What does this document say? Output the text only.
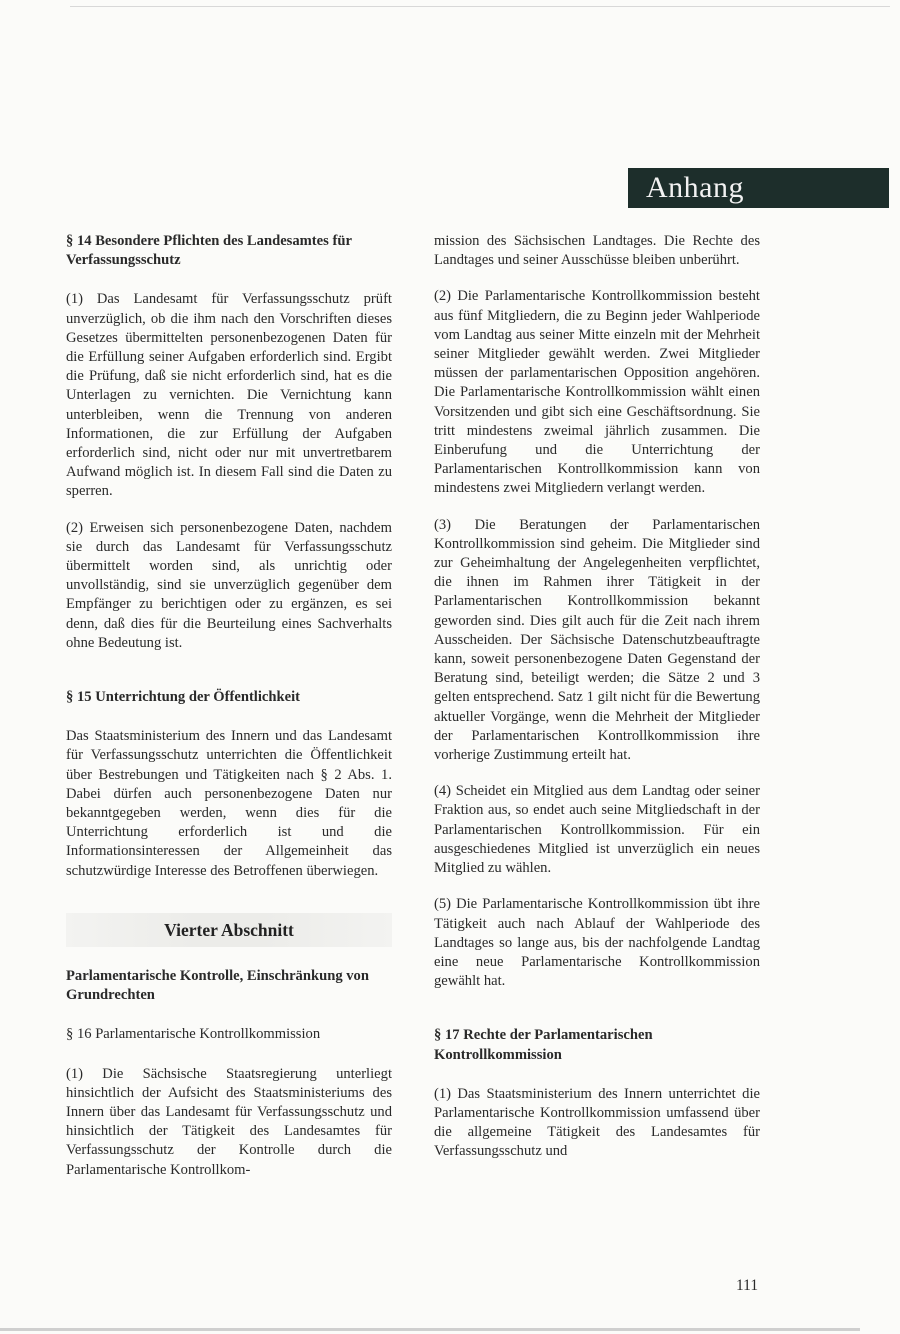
Anhang

§ 14 Besondere Pflichten des Landesamtes für Verfassungsschutz

(1) Das Landesamt für Verfassungsschutz prüft unverzüglich, ob die ihm nach den Vorschriften dieses Gesetzes übermittelten personenbezogenen Daten für die Erfüllung seiner Aufgaben erforderlich sind. Ergibt die Prüfung, daß sie nicht erforderlich sind, hat es die Unterlagen zu vernichten. Die Vernichtung kann unterbleiben, wenn die Trennung von anderen Informationen, die zur Erfüllung der Aufgaben erforderlich sind, nicht oder nur mit unvertretbarem Aufwand möglich ist. In diesem Fall sind die Daten zu sperren.

(2) Erweisen sich personenbezogene Daten, nachdem sie durch das Landesamt für Verfassungsschutz übermittelt worden sind, als unrichtig oder unvollständig, sind sie unverzüglich gegenüber dem Empfänger zu berichtigen oder zu ergänzen, es sei denn, daß dies für die Beurteilung eines Sachverhalts ohne Bedeutung ist.

§ 15 Unterrichtung der Öffentlichkeit

Das Staatsministerium des Innern und das Landesamt für Verfassungsschutz unterrichten die Öffentlichkeit über Bestrebungen und Tätigkeiten nach § 2 Abs. 1. Dabei dürfen auch personenbezogene Daten nur bekanntgegeben werden, wenn dies für die Unterrichtung erforderlich ist und die Informationsinteressen der Allgemeinheit das schutzwürdige Interesse des Betroffenen überwiegen.

Vierter Abschnitt

Parlamentarische Kontrolle, Einschränkung von Grundrechten

§ 16 Parlamentarische Kontrollkommission

(1) Die Sächsische Staatsregierung unterliegt hinsichtlich der Aufsicht des Staatsministeriums des Innern über das Landesamt für Verfassungsschutz und hinsichtlich der Tätigkeit des Landesamtes für Verfassungsschutz der Kontrolle durch die Parlamentarische Kontrollkom-

mission des Sächsischen Landtages. Die Rechte des Landtages und seiner Ausschüsse bleiben unberührt.

(2) Die Parlamentarische Kontrollkommission besteht aus fünf Mitgliedern, die zu Beginn jeder Wahlperiode vom Landtag aus seiner Mitte einzeln mit der Mehrheit seiner Mitglieder gewählt werden. Zwei Mitglieder müssen der parlamentarischen Opposition angehören. Die Parlamentarische Kontrollkommission wählt einen Vorsitzenden und gibt sich eine Geschäftsordnung. Sie tritt mindestens zweimal jährlich zusammen. Die Einberufung und die Unterrichtung der Parlamentarischen Kontrollkommission kann von mindestens zwei Mitgliedern verlangt werden.

(3) Die Beratungen der Parlamentarischen Kontrollkommission sind geheim. Die Mitglieder sind zur Geheimhaltung der Angelegenheiten verpflichtet, die ihnen im Rahmen ihrer Tätigkeit in der Parlamentarischen Kontrollkommission bekannt geworden sind. Dies gilt auch für die Zeit nach ihrem Ausscheiden. Der Sächsische Datenschutzbeauftragte kann, soweit personenbezogene Daten Gegenstand der Beratung sind, beteiligt werden; die Sätze 2 und 3 gelten entsprechend. Satz 1 gilt nicht für die Bewertung aktueller Vorgänge, wenn die Mehrheit der Mitglieder der Parlamentarischen Kontrollkommission ihre vorherige Zustimmung erteilt hat.

(4) Scheidet ein Mitglied aus dem Landtag oder seiner Fraktion aus, so endet auch seine Mitgliedschaft in der Parlamentarischen Kontrollkommission. Für ein ausgeschiedenes Mitglied ist unverzüglich ein neues Mitglied zu wählen.

(5) Die Parlamentarische Kontrollkommission übt ihre Tätigkeit auch nach Ablauf der Wahlperiode des Landtages so lange aus, bis der nachfolgende Landtag eine neue Parlamentarische Kontrollkommission gewählt hat.

§ 17 Rechte der Parlamentarischen Kontrollkommission

(1) Das Staatsministerium des Innern unterrichtet die Parlamentarische Kontrollkommission umfassend über die allgemeine Tätigkeit des Landesamtes für Verfassungsschutz und

111
